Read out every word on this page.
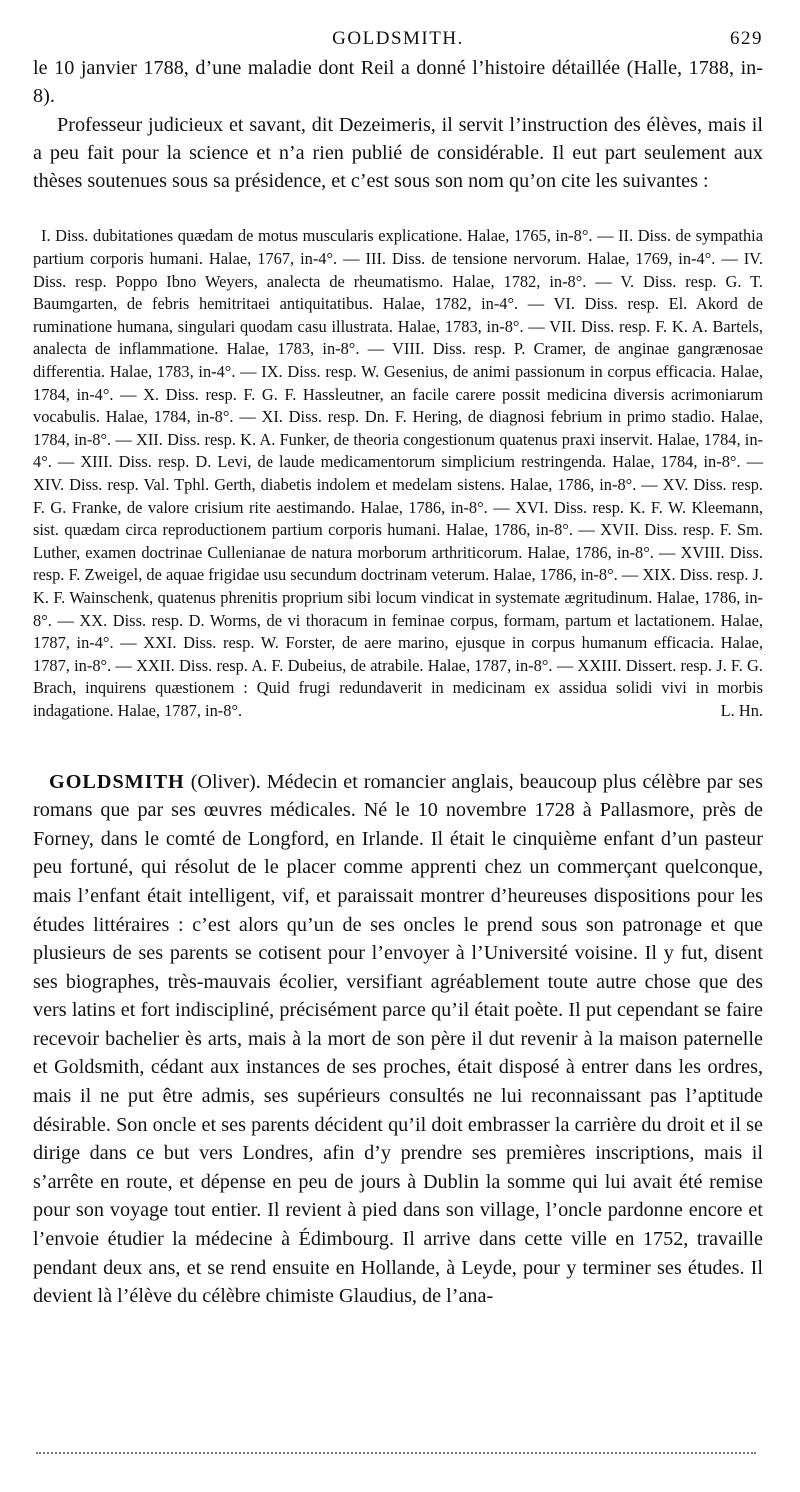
GOLDSMITH.	629

le 10 janvier 1788, d’une maladie dont Reil a donné l’histoire détaillée (Halle, 1788, in-8).

Professeur judicieux et savant, dit Dezeimeris, il servit l’instruction des élèves, mais il a peu fait pour la science et n’a rien publié de considérable. Il eut part seulement aux thèses soutenues sous sa présidence, et c’est sous son nom qu’on cite les suivantes :

I. Diss. dubitationes quædam de motus muscularis explicatione. Halae, 1765, in-8°. — II. Diss. de sympathia partium corporis humani. Halae, 1767, in-4°. — III. Diss. de tensione nervorum. Halae, 1769, in-4°. — IV. Diss. resp. Poppo Ibno Weyers, analecta de rheumatismo. Halae, 1782, in-8°. — V. Diss. resp. G. T. Baumgarten, de febris hemitritaei antiquitatibus. Halae, 1782, in-4°. — VI. Diss. resp. El. Akord de ruminatione humana, singulari quodam casu illustrata. Halae, 1783, in-8°. — VII. Diss. resp. F. K. A. Bartels, analecta de inflammatione. Halae, 1783, in-8°. — VIII. Diss. resp. P. Cramer, de anginae gangrænosae differentia. Halae, 1783, in-4°. — IX. Diss. resp. W. Gesenius, de animi passionum in corpus efficacia. Halae, 1784, in-4°. — X. Diss. resp. F. G. F. Hassleutner, an facile carere possit medicina diversis acrimoniarum vocabulis. Halae, 1784, in-8°. — XI. Diss. resp. Dn. F. Hering, de diagnosi febrium in primo stadio. Halae, 1784, in-8°. — XII. Diss. resp. K. A. Funker, de theoria congestionum quatenus praxi inservit. Halae, 1784, in-4°. — XIII. Diss. resp. D. Levi, de laude medicamentorum simplicium restringenda. Halae, 1784, in-8°. — XIV. Diss. resp. Val. Tphl. Gerth, diabetis indolem et medelam sistens. Halae, 1786, in-8°. — XV. Diss. resp. F. G. Franke, de valore crisium rite aestimando. Halae, 1786, in-8°. — XVI. Diss. resp. K. F. W. Kleemann, sist. quædam circa reproductionem partium corporis humani. Halae, 1786, in-8°. — XVII. Diss. resp. F. Sm. Luther, examen doctrinae Cullenianae de natura morborum arthriticorum. Halae, 1786, in-8°. — XVIII. Diss. resp. F. Zweigel, de aquae frigidae usu secundum doctrinam veterum. Halae, 1786, in-8°. — XIX. Diss. resp. J. K. F. Wainschenk, quatenus phrenitis proprium sibi locum vindicat in systemate ægritudinum. Halae, 1786, in-8°. — XX. Diss. resp. D. Worms, de vi thoracum in feminae corpus, formam, partum et lactationem. Halae, 1787, in-4°. — XXI. Diss. resp. W. Forster, de aere marino, ejusque in corpus humanum efficacia. Halae, 1787, in-8°. — XXII. Diss. resp. A. F. Dubeius, de atrabile. Halae, 1787, in-8°. — XXIII. Dissert. resp. J. F. G. Brach, inquirens quæstionem : Quid frugi redundaverit in medicinam ex assidua solidi vivi in morbis indagatione. Halae, 1787, in-8°.	L. Hn.

GOLDSMITH (Oliver). Médecin et romancier anglais, beaucoup plus célèbre par ses romans que par ses œuvres médicales. Né le 10 novembre 1728 à Pallasmore, près de Forney, dans le comté de Longford, en Irlande. Il était le cinquième enfant d’un pasteur peu fortuné, qui résolut de le placer comme apprenti chez un commerçant quelconque, mais l’enfant était intelligent, vif, et paraissait montrer d’heureuses dispositions pour les études littéraires : c’est alors qu’un de ses oncles le prend sous son patronage et que plusieurs de ses parents se cotisent pour l’envoyer à l’Université voisine. Il y fut, disent ses biographes, très-mauvais écolier, versifiant agréablement toute autre chose que des vers latins et fort indiscipliné, précisément parce qu’il était poète. Il put cependant se faire recevoir bachelier ès arts, mais à la mort de son père il dut revenir à la maison paternelle et Goldsmith, cédant aux instances de ses proches, était disposé à entrer dans les ordres, mais il ne put être admis, ses supérieurs consultés ne lui reconnaissant pas l’aptitude désirable. Son oncle et ses parents décident qu’il doit embrasser la carrière du droit et il se dirige dans ce but vers Londres, afin d’y prendre ses premières inscriptions, mais il s’arrête en route, et dépense en peu de jours à Dublin la somme qui lui avait été remise pour son voyage tout entier. Il revient à pied dans son village, l’oncle pardonne encore et l’envoie étudier la médecine à Édimbourg. Il arrive dans cette ville en 1752, travaille pendant deux ans, et se rend ensuite en Hollande, à Leyde, pour y terminer ses études. Il devient là l’élève du célèbre chimiste Glaudius, de l’ana-
